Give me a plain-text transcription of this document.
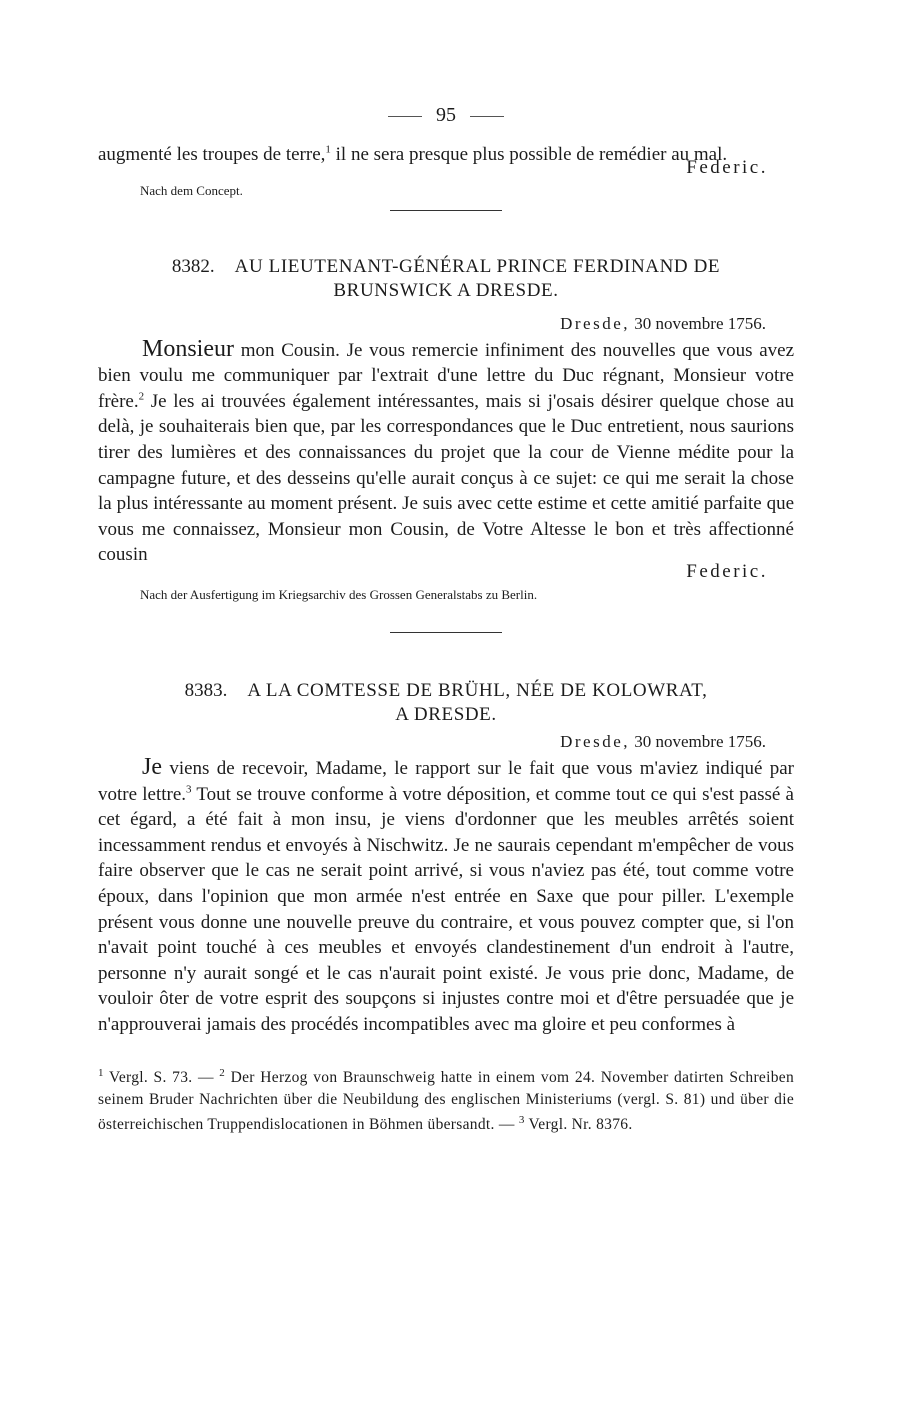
95

augmenté les troupes de terre,$^1$ il ne sera presque plus possible de remédier au mal.

Federic.
Nach dem Concept.
8382. AU LIEUTENANT-GÉNÉRAL PRINCE FERDINAND DE
BRUNSWICK A DRESDE.
Dresde, 30 novembre 1756.

Monsieur mon Cousin. Je vous remercie infiniment des nouvelles que vous avez bien voulu me communiquer par l'extrait d'une lettre du Duc régnant, Monsieur votre frère.$^2$ Je les ai trouvées également intéressantes, mais si j'osais désirer quelque chose au delà, je souhaiterais bien que, par les correspondances que le Duc entretient, nous saurions tirer des lumières et des connaissances du projet que la cour de Vienne médite pour la campagne future, et des desseins qu'elle aurait conçus à ce sujet: ce qui me serait la chose la plus intéressante au moment présent. Je suis avec cette estime et cette amitié parfaite que vous me connaissez, Monsieur mon Cousin, de Votre Altesse le bon et très affectionné cousin

Federic.
Nach der Ausfertigung im Kriegsarchiv des Grossen Generalstabs zu Berlin.
8383. A LA COMTESSE DE BRÜHL, NÉE DE KOLOWRAT,
A DRESDE.
Dresde, 30 novembre 1756.

Je viens de recevoir, Madame, le rapport sur le fait que vous m'aviez indiqué par votre lettre.$^3$ Tout se trouve conforme à votre déposition, et comme tout ce qui s'est passé à cet égard, a été fait à mon insu, je viens d'ordonner que les meubles arrêtés soient incessamment rendus et envoyés à Nischwitz. Je ne saurais cependant m'empêcher de vous faire observer que le cas ne serait point arrivé, si vous n'aviez pas été, tout comme votre époux, dans l'opinion que mon armée n'est entrée en Saxe que pour piller. L'exemple présent vous donne une nouvelle preuve du contraire, et vous pouvez compter que, si l'on n'avait point touché à ces meubles et envoyés clandestinement d'un endroit à l'autre, personne n'y aurait songé et le cas n'aurait point existé. Je vous prie donc, Madame, de vouloir ôter de votre esprit des soupçons si injustes contre moi et d'être persuadée que je n'approuverai jamais des procédés incompatibles avec ma gloire et peu conformes à

$^1$ Vergl. S. 73. — $^2$ Der Herzog von Braunschweig hatte in einem vom 24. November datirten Schreiben seinem Bruder Nachrichten über die Neubildung des englischen Ministeriums (vergl. S. 81) und über die österreichischen Truppendislocationen in Böhmen übersandt. — $^3$ Vergl. Nr. 8376.
